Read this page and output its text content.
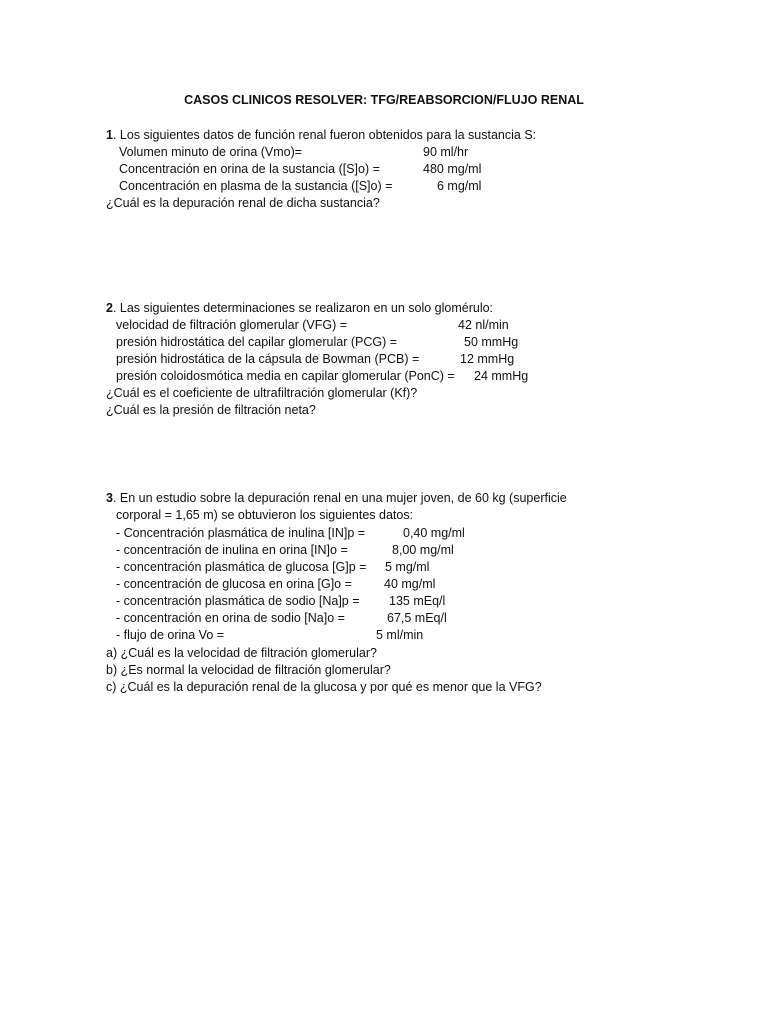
CASOS CLINICOS RESOLVER: TFG/REABSORCION/FLUJO RENAL
1. Los siguientes datos de función renal fueron obtenidos para la sustancia S:
Volumen minuto de orina (Vmo)=	90 ml/hr
Concentración en orina de la sustancia ([S]o) =	480 mg/ml
Concentración en plasma de la sustancia ([S]o) =	6 mg/ml
¿Cuál es la depuración renal de dicha sustancia?
2. Las siguientes determinaciones se realizaron en un solo glomérulo:
velocidad de filtración glomerular (VFG) =	42 nl/min
presión hidrostática del capilar glomerular (PCG) =	50 mmHg
presión hidrostática de la cápsula de Bowman (PCB) =	12 mmHg
presión coloidosmótica media en capilar glomerular (PonC) = 24 mmHg
¿Cuál es el coeficiente de ultrafiltración glomerular (Kf)?
¿Cuál es la presión de filtración neta?
3. En un estudio sobre la depuración renal en una mujer joven, de 60 kg (superficie
corporal = 1,65 m) se obtuvieron los siguientes datos:
- Concentración plasmática de inulina [IN]p =	0,40 mg/ml
- concentración de inulina en orina [IN]o =	8,00 mg/ml
- concentración plasmática de glucosa [G]p = 5 mg/ml
- concentración de glucosa en orina [G]o =	40 mg/ml
- concentración plasmática de sodio [Na]p = 135 mEq/l
- concentración en orina de sodio [Na]o =	67,5 mEq/l
- flujo de orina Vo =	5 ml/min
a) ¿Cuál es la velocidad de filtración glomerular?
b) ¿Es normal la velocidad de filtración glomerular?
c) ¿Cuál es la depuración renal de la glucosa y por qué es menor que la VFG?
